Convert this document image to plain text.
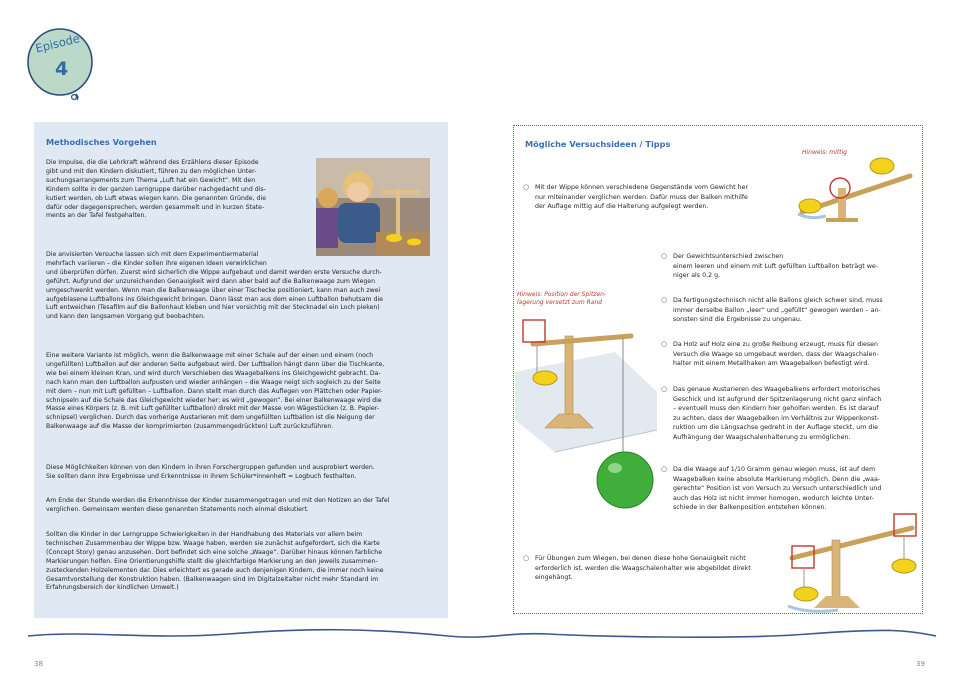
Episode
4
Methodisches Vorgehen
Die Impulse, die die Lehrkraft während des Erzählens dieser Episode
gibt und mit den Kindern diskutiert, führen zu den möglichen Unter-
suchungsarrangements zum Thema „Luft hat ein Gewicht“. Mit den
Kindern sollte in der ganzen Lerngruppe darüber nachgedacht und dis-
kutiert werden, ob Luft etwas wiegen kann. Die genannten Gründe, die
dafür oder dagegensprechen, werden gesammelt und in kurzen State-
ments an der Tafel festgehalten.
Die anvisierten Versuche lassen sich mit dem Experimentiermaterial
mehrfach variieren – die Kinder sollen ihre eigenen Ideen verwirklichen
und überprüfen dürfen. Zuerst wird sicherlich die Wippe aufgebaut und damit werden erste Versuche durch-
geführt. Aufgrund der unzureichenden Genauigkeit wird dann aber bald auf die Balkenwaage zum Wiegen
umgeschwenkt werden. Wenn man die Balkenwaage über einer Tischecke positioniert, kann man auch zwei
aufgeblasene Luftballons ins Gleichgewicht bringen. Dann lässt man aus dem einen Luftballon behutsam die
Luft entweichen (Tesafilm auf die Ballonhaut kleben und hier vorsichtig mit der Stecknadel ein Loch pieken)
und kann den langsamen Vorgang gut beobachten.
Eine weitere Variante ist möglich, wenn die Balkenwaage mit einer Schale auf der einen und einem (noch
ungefüllten) Luftballon auf der anderen Seite aufgebaut wird. Der Luftballon hängt dann über die Tischkante,
wie bei einem kleinen Kran, und wird durch Verschieben des Waagebalkens ins Gleichgewicht gebracht. Da-
nach kann man den Luftballon aufpusten und wieder anhängen – die Waage neigt sich sogleich zu der Seite
mit dem – nun mit Luft gefüllten – Luftballon. Dann stellt man durch das Auflegen von Plättchen oder Papier-
schnipseln auf die Schale das Gleichgewicht wieder her: es wird „gewogen“. Bei einer Balkenwaage wird die
Masse eines Körpers (z. B. mit Luft gefüllter Luftballon) direkt mit der Masse von Wägestücken (z. B. Papier-
schnipsel) verglichen. Durch das vorherige Austarieren mit dem ungefüllten Luftballon ist die Neigung der
Balkenwaage auf die Masse der komprimierten (zusammengedrückten) Luft zurückzuführen.
Diese Möglichkeiten können von den Kindern in ihren Forschergruppen gefunden und ausprobiert werden.
Sie sollten dann ihre Ergebnisse und Erkenntnisse in ihrem Schüler*innenheft = Logbuch festhalten.
Am Ende der Stunde werden die Erkenntnisse der Kinder zusammengetragen und mit den Notizen an der Tafel
verglichen. Gemeinsam werden diese genannten Statements noch einmal diskutiert.
Sollten die Kinder in der Lerngruppe Schwierigkeiten in der Handhabung des Materials vor allem beim
technischen Zusammenbau der Wippe bzw. Waage haben, werden sie zunächst aufgefordert, sich die Karte
(Concept Story) genau anzusehen. Dort befindet sich eine solche „Waage“. Darüber hinaus können farbliche
Markierungen helfen. Eine Orientierungshilfe stellt die gleichfarbige Markierung an den jeweils zusammen-
zusteckenden Holzelementen dar. Dies erleichtert es gerade auch denjenigen Kindern, die immer noch keine
Gesamtvorstellung der Konstruktion haben. (Balkenwaagen sind im Digitalzeitalter nicht mehr Standard im
Erfahrungsbereich der kindlichen Umwelt.)
Mögliche Versuchsideen / Tipps
Hinweis: mittig
○ Mit der Wippe können verschiedene Gegenstände vom Gewicht her
nur miteinander verglichen werden. Dafür muss der Balken mithilfe
der Auflage mittig auf die Halterung aufgelegt werden.
Hinweis: Position der Spitzen-
lagerung versetzt zum Rand
○ Der Gewichtsunterschied zwischen
einem leeren und einem mit Luft gefüllten Luftballon beträgt we-
niger als 0,2 g.
○ Da fertigungstechnisch nicht alle Ballons gleich schwer sind, muss
immer derselbe Ballon „leer“ und „gefüllt“ gewogen werden – an-
sonsten sind die Ergebnisse zu ungenau.
○ Da Holz auf Holz eine zu große Reibung erzeugt, muss für diesen
Versuch die Waage so umgebaut werden, dass der Waagschalen-
halter mit einem Metallhaken am Waagebalken befestigt wird.
○ Das genaue Austarieren des Waagebalkens erfordert motorisches
Geschick und ist aufgrund der Spitzenlagerung nicht ganz einfach
– eventuell muss den Kindern hier geholfen werden. Es ist darauf
zu achten, dass der Waagebalken im Verhältnis zur Wippenkonst-
ruktion um die Längsachse gedreht in der Auflage steckt, um die
Aufhängung der Waagschalenhalterung zu ermöglichen.
○ Da die Waage auf 1/10 Gramm genau wiegen muss, ist auf dem
Waagebalken keine absolute Markierung möglich. Denn die „waa-
gerechte“ Position ist von Versuch zu Versuch unterschiedlich und
auch das Holz ist nicht immer homogen, wodurch leichte Unter-
schiede in der Balkenposition entstehen können.
○ Für Übungen zum Wiegen, bei denen diese hohe Genauigkeit nicht
erforderlich ist, werden die Waagschalenhalter wie abgebildet direkt
eingehängt.
38	39
